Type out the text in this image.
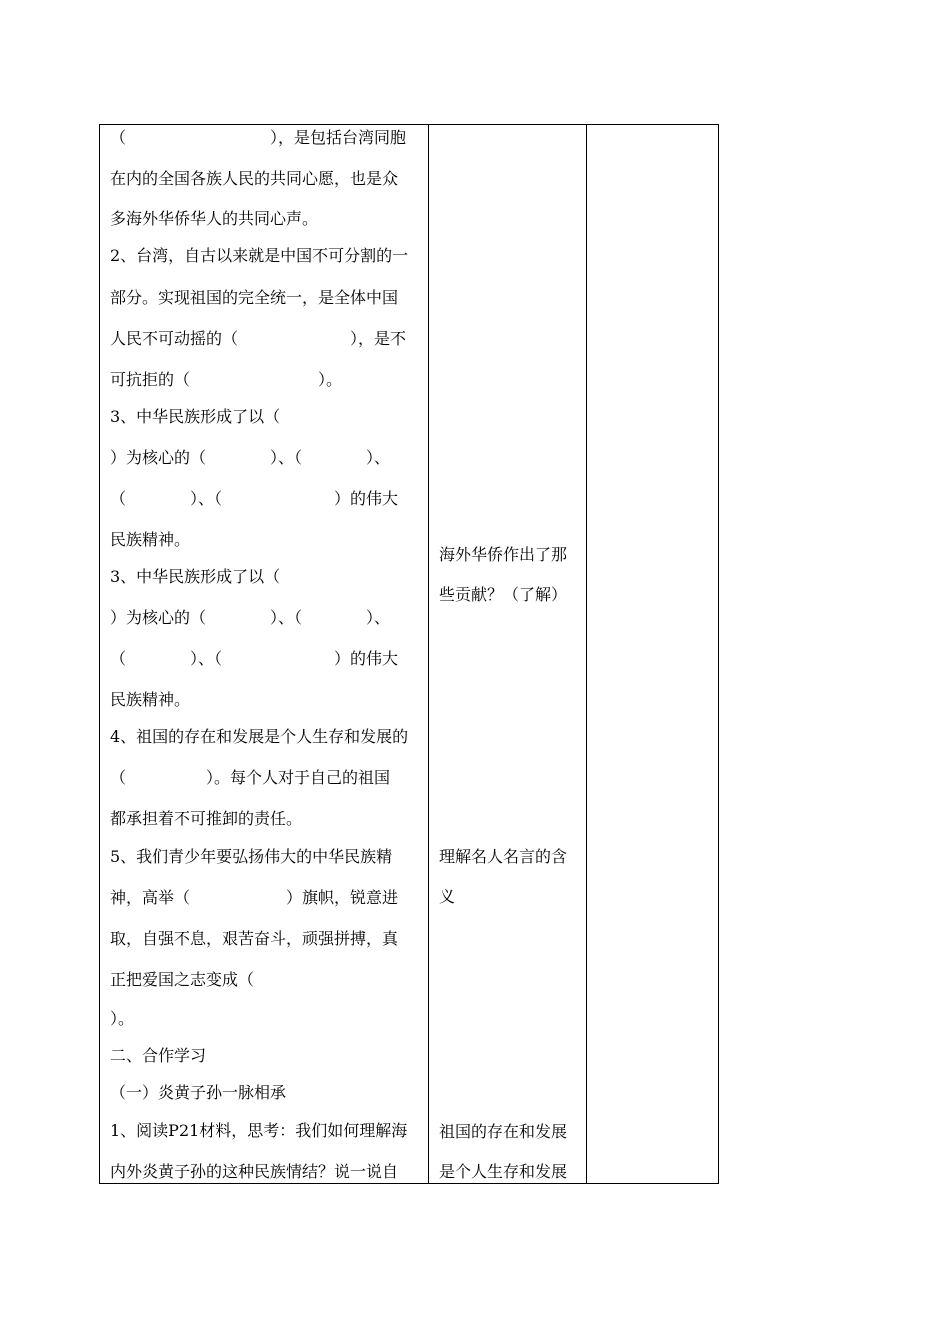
（　　　　　　　　　），是包括台湾同胞
在内的全国各族人民的共同心愿，也是众
多海外华侨华人的共同心声。
2、台湾，自古以来就是中国不可分割的一
部分。实现祖国的完全统一，是全体中国
人民不可动摇的（　　　　　　　），是不
可抗拒的（　　　　　　　　）。
3、中华民族形成了以（
）为核心的（　　　　）、（　　　　）、
（　　　　）、（　　　　　　　）的伟大
民族精神。
3、中华民族形成了以（
）为核心的（　　　　）、（　　　　）、
（　　　　）、（　　　　　　　）的伟大
民族精神。
4、祖国的存在和发展是个人生存和发展的
（　　　　　）。每个人对于自己的祖国
都承担着不可推卸的责任。
5、我们青少年要弘扬伟大的中华民族精
神，高举（　　　　　　）旗帜，锐意进
取，自强不息，艰苦奋斗，顽强拼搏，真
正把爱国之志变成（
）。
二、合作学习
（一）炎黄子孙一脉相承
1、阅读P21材料，思考：我们如何理解海
内外炎黄子孙的这种民族情结？说一说自
海外华侨作出了那
些贡献？（了解）
理解名人名言的含
义
祖国的存在和发展
是个人生存和发展
